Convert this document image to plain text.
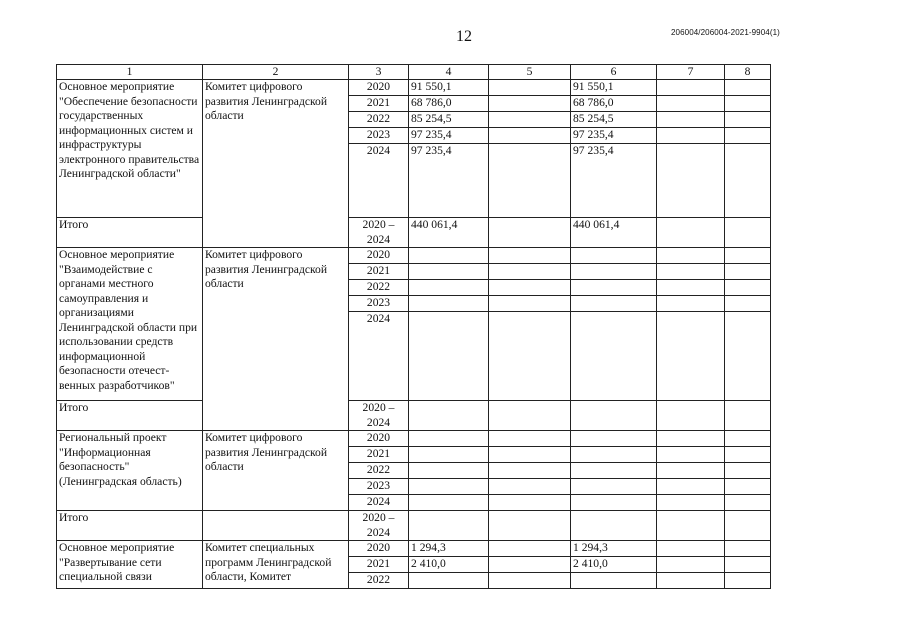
12	206004/206004-2021-9904(1)
1	2	3	4	5	6	7	8
Основное мероприятие "Обеспечение безопасности государственных информационных систем и инфраструктуры электронного правительства Ленинградской области"	Комитет цифрового развития Ленинградской области	2020	91 550,1		91 550,1		
		2021	68 786,0		68 786,0		
		2022	85 254,5		85 254,5		
		2023	97 235,4		97 235,4		
		2024	97 235,4		97 235,4		
Итого		2020 – 2024	440 061,4		440 061,4		
Основное мероприятие "Взаимодействие с органами местного самоуправления и организациями Ленинградской области при использовании средств информационной безопасности отечест- венных разработчиков"	Комитет цифрового развития Ленинградской области	2020					
		2021					
		2022					
		2023					
		2024					
Итого		2020 – 2024					
Региональный проект "Информационная безопасность" (Ленинградская область)	Комитет цифрового развития Ленинградской области	2020					
		2021					
		2022					
		2023					
		2024					
Итого		2020 – 2024					
Основное мероприятие "Развертывание сети специальной связи	Комитет специальных программ Ленинградской области, Комитет	2020	1 294,3		1 294,3		
		2021	2 410,0		2 410,0		
		2022					
